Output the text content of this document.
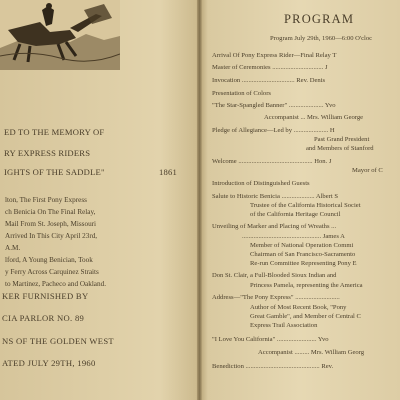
ED TO THE MEMORY OF
RY EXPRESS RIDERS
IGHTS OF THE SADDLE"	1861
lton, The First Pony Express
ch Benicia On The Final Relay,
Mail From St. Joseph, Missouri
Arrived In This City April 23rd,
A.M.
lford, A Young Benician, Took
y Ferry Across Carquinez Straits
to Martinez, Pacheco and Oakland.
KER FURNISHED BY
CIA PARLOR NO. 89
NS OF THE GOLDEN WEST
ATED JULY 29TH, 1960
PROGRAM
Program July 29th, 1960—6:00 O'cloc
Arrival Of Pony Express Rider—Final Relay T
Master of Ceremonies ............................... J
Invocation ................................ Rev. Denis
Presentation of Colors
"The Star-Spangled Banner" ..................... Yvo
Accompanist ... Mrs. William George
Pledge of Allegiance—Led by ..................... H
Past Grand President
and Members of Stanford
Welcome ............................................. Hon. J
Mayor of C
Introduction of Distinguished Guests
Salute to Historic Benicia .................... Albert S
Trustee of the California Historical Societ
of the California Heritage Council
Unveiling of Marker and Placing of Wreaths ...
................................................ James A
Member of National Operation Commi
Chairman of San Francisco-Sacramento
Re-run Committee Representing Pony E
Don St. Clair, a Full-Blooded Sioux Indian and
Princess Pamela, representing the America
Address—"The Pony Express" ...........................
Author of Most Recent Book, "Pony
Great Gamble", and Member of Central C
Express Trail Association
"I Love You California" ........................ Yvo
Accompanist ......... Mrs. William Georg
Benediction ............................................. Rev.
